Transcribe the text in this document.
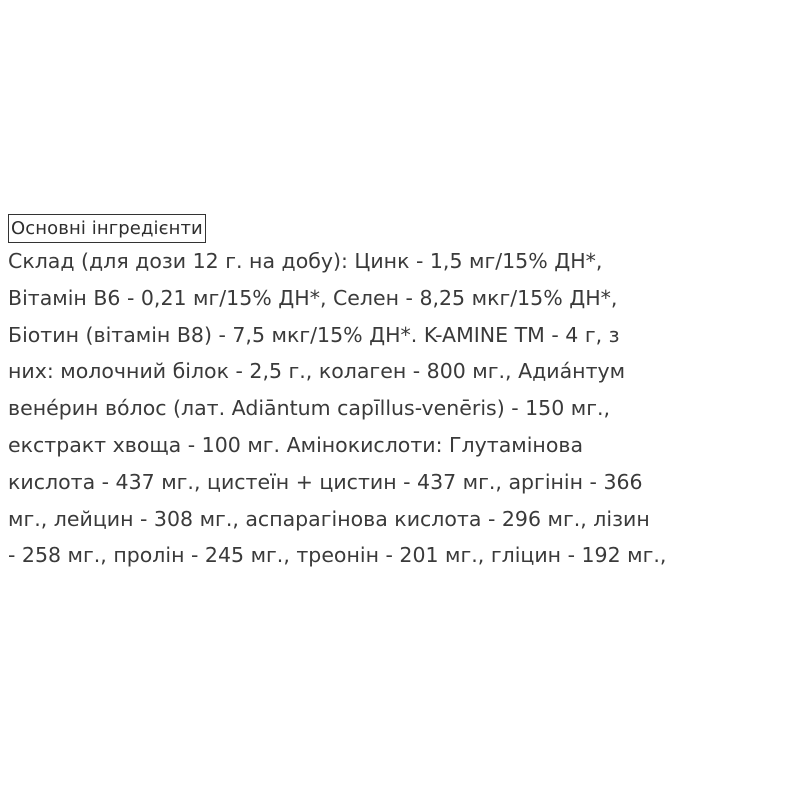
Основні інгредієнти
Склад (для дози 12 г. на добу): Цинк - 1,5 мг/15% ДН*,
Вітамін B6 - 0,21 мг/15% ДН*, Селен - 8,25 мкг/15% ДН*,
Біотин (вітамін B8) - 7,5 мкг/15% ДН*. K-AMINE TM - 4 г, з
них: молочний білок - 2,5 г., колаген - 800 мг., Адиа́нтум
вене́рин во́лос (лат. Adiāntum capīllus-venēris) - 150 мг.,
екстракт хвоща - 100 мг. Амінокислоти: Глутамінова
кислота - 437 мг., цистеїн + цистин - 437 мг., аргінін - 366
мг., лейцин - 308 мг., аспарагінова кислота - 296 мг., лізин
- 258 мг., пролін - 245 мг., треонін - 201 мг., гліцин - 192 мг.,
